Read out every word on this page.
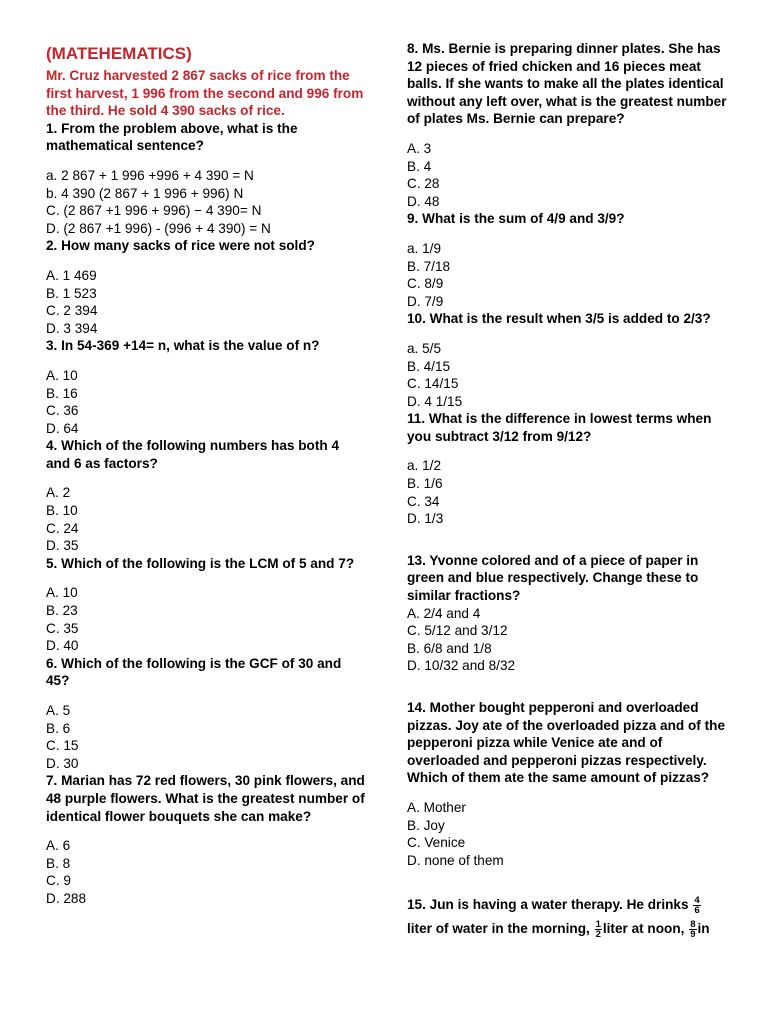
(MATEHEMATICS)
Mr. Cruz harvested 2 867 sacks of rice from the first harvest, 1 996 from the second and 996 from the third. He sold 4 390 sacks of rice.
1. From the problem above, what is the mathematical sentence?
a. 2 867 + 1 996 +996 + 4 390 = N
b. 4 390 (2 867 + 1 996 + 996) N
C. (2 867 +1 996 + 996) − 4 390= N
D. (2 867 +1 996) - (996 + 4 390) = N
2. How many sacks of rice were not sold?
A. 1 469
B. 1 523
C. 2 394
D. 3 394
3. In 54-369 +14= n, what is the value of n?
A. 10
B. 16
C. 36
D. 64
4. Which of the following numbers has both 4 and 6 as factors?
A. 2
B. 10
C. 24
D. 35
5. Which of the following is the LCM of 5 and 7?
A. 10
B. 23
C. 35
D. 40
6. Which of the following is the GCF of 30 and 45?
A. 5
B. 6
C. 15
D. 30
7. Marian has 72 red flowers, 30 pink flowers, and 48 purple flowers. What is the greatest number of identical flower bouquets she can make?
A. 6
B. 8
C. 9
D. 288
8. Ms. Bernie is preparing dinner plates. She has 12 pieces of fried chicken and 16 pieces meat balls. If she wants to make all the plates identical without any left over, what is the greatest number of plates Ms. Bernie can prepare?
A. 3
B. 4
C. 28
D. 48
9. What is the sum of 4/9 and 3/9?
a. 1/9
B. 7/18
C. 8/9
D. 7/9
10. What is the result when 3/5 is added to 2/3?
a. 5/5
B. 4/15
C. 14/15
D. 4 1/15
11. What is the difference in lowest terms when you subtract 3/12 from 9/12?
a. 1/2
B. 1/6
C. 34
D. 1/3
13. Yvonne colored and of a piece of paper in green and blue respectively. Change these to similar fractions?
A. 2/4 and 4
C. 5/12 and 3/12
B. 6/8 and 1/8
D. 10/32 and 8/32
14. Mother bought pepperoni and overloaded pizzas. Joy ate of the overloaded pizza and of the pepperoni pizza while Venice ate and of overloaded and pepperoni pizzas respectively. Which of them ate the same amount of pizzas?
A. Mother
B. Joy
C. Venice
D. none of them
15. Jun is having a water therapy. He drinks $\frac{4}{6}$

liter of water in the morning, $\frac{1}{2}$ liter at noon, $\frac{8}{9}$ in
